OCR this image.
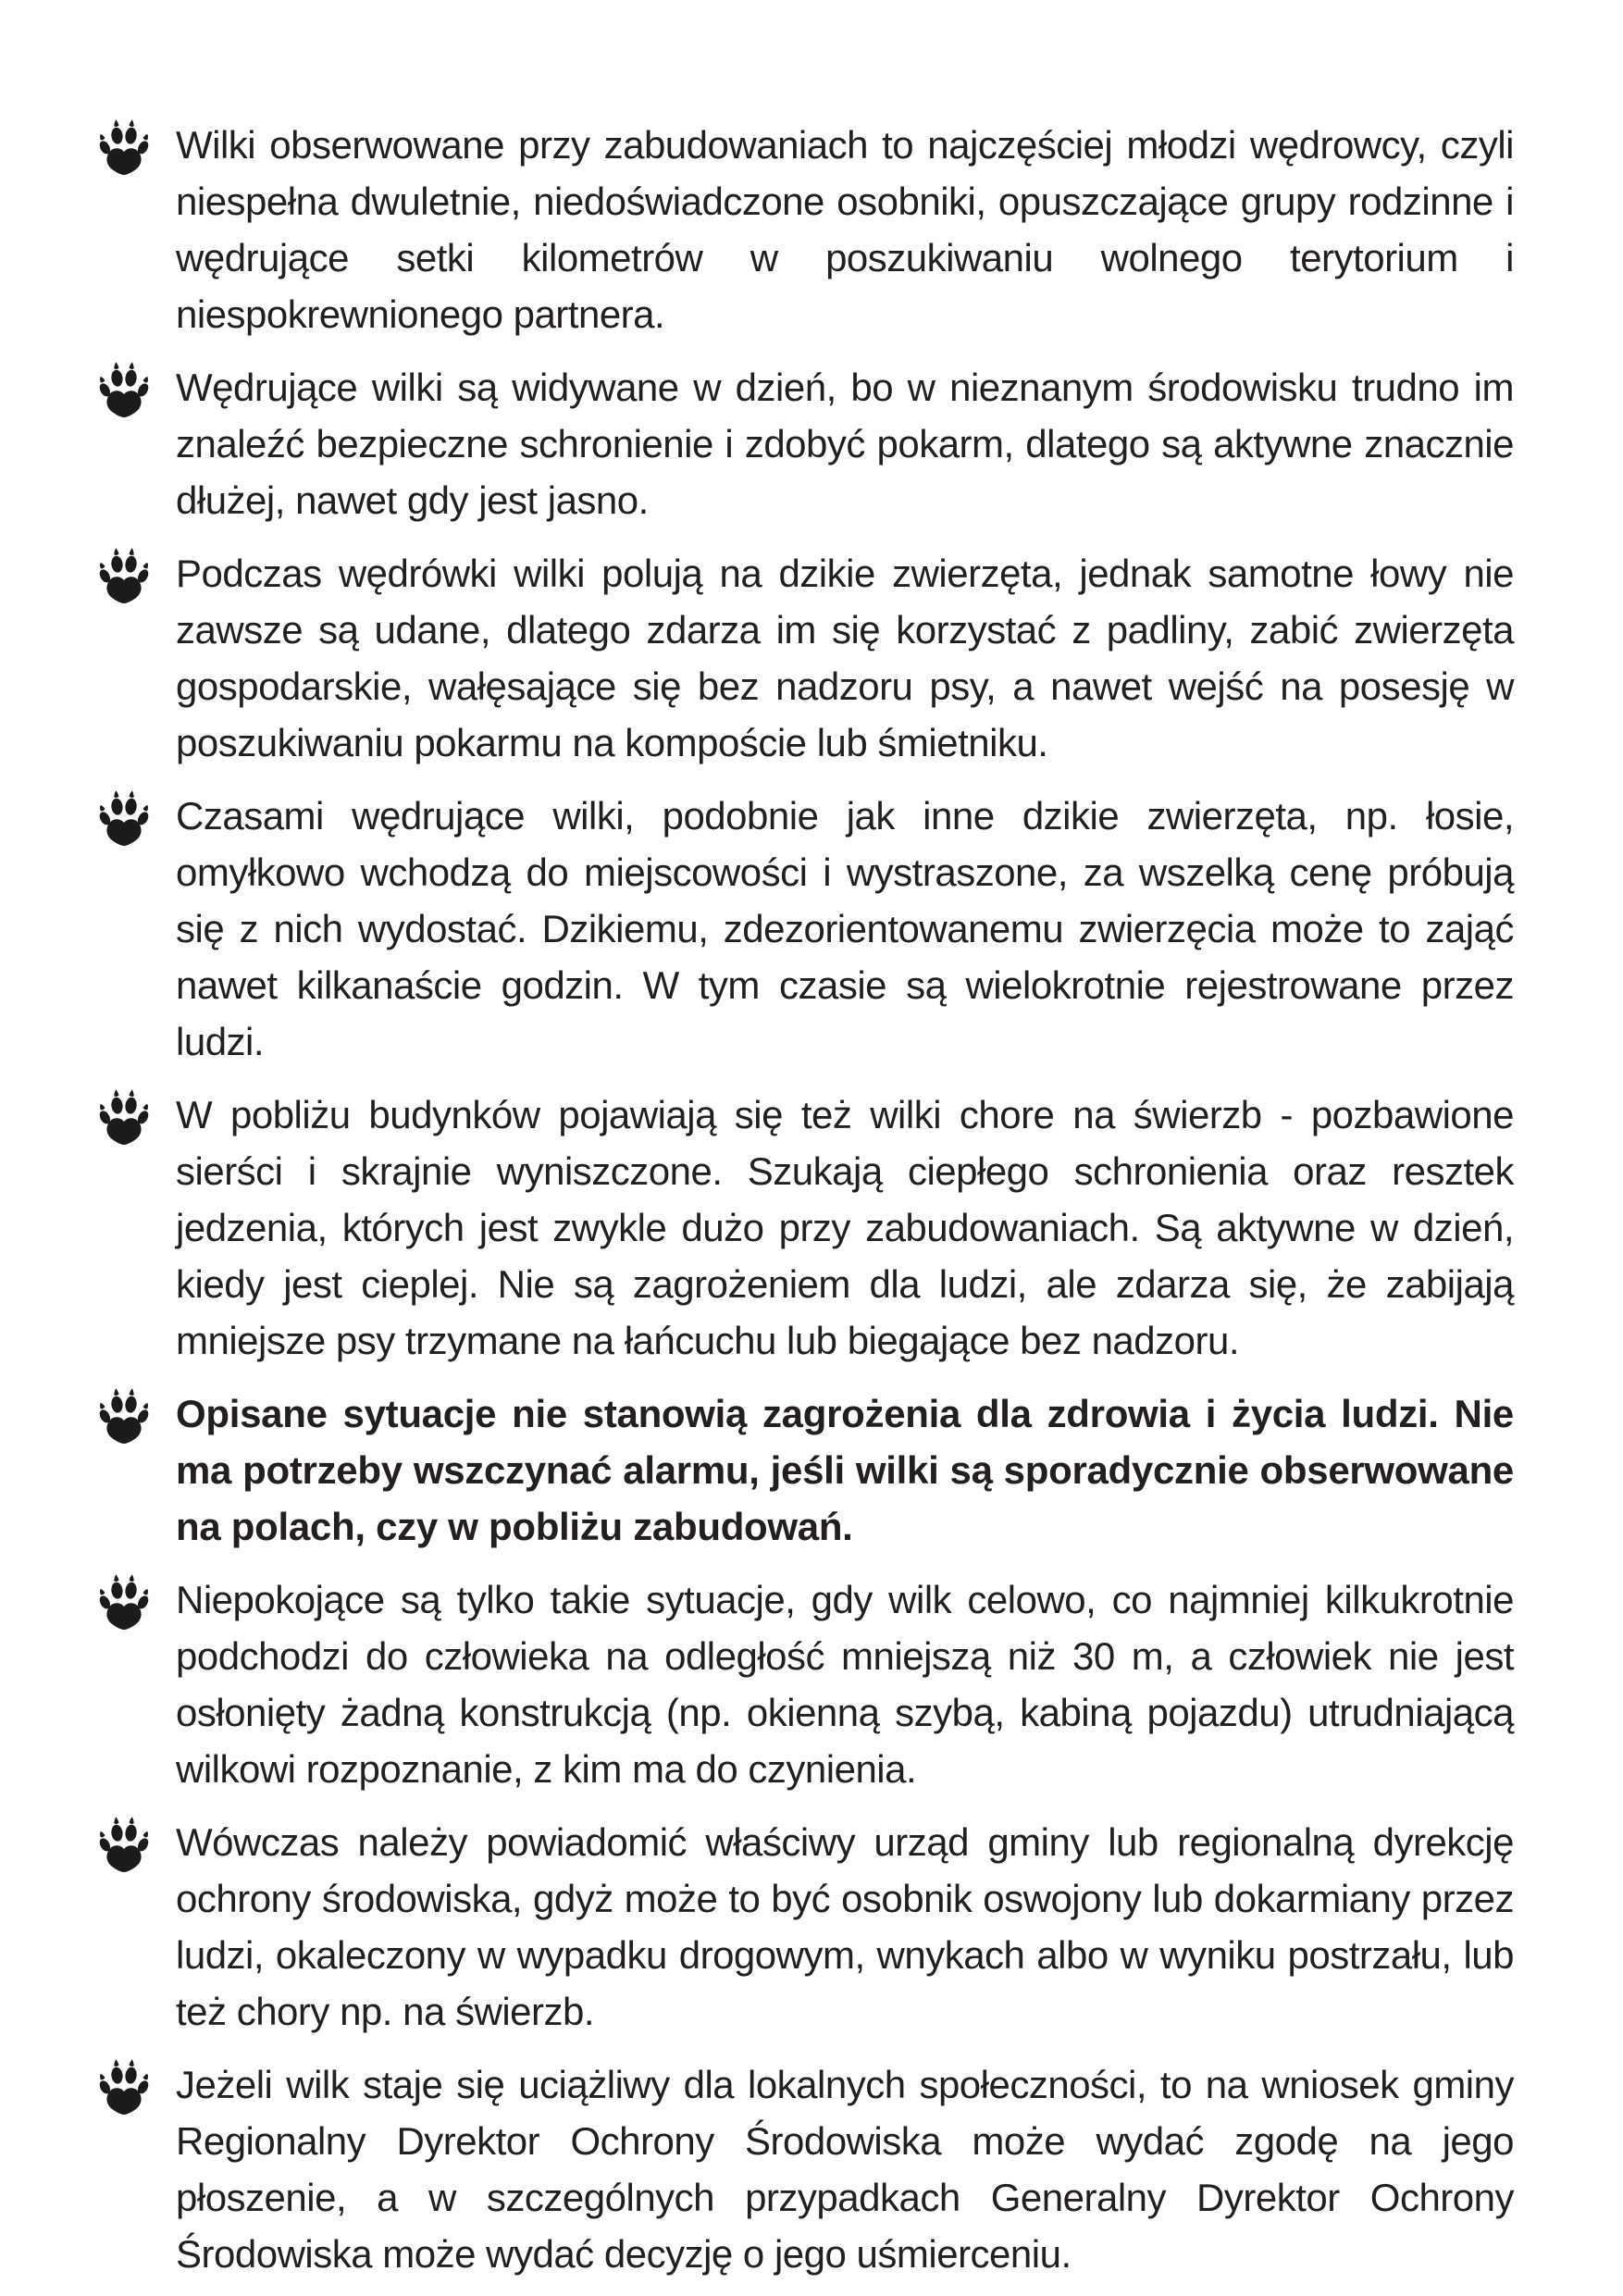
Wilki obserwowane przy zabudowaniach to najczęściej młodzi wędrowcy, czyli niespełna dwuletnie, niedoświadczone osobniki, opuszczające grupy rodzinne i wędrujące setki kilometrów w poszukiwaniu wolnego terytorium i niespokrewnionego partnera.

Wędrujące wilki są widywane w dzień, bo w nieznanym środowisku trudno im znaleźć bezpieczne schronienie i zdobyć pokarm, dlatego są aktywne znacznie dłużej, nawet gdy jest jasno.

Podczas wędrówki wilki polują na dzikie zwierzęta, jednak samotne łowy nie zawsze są udane, dlatego zdarza im się korzystać z padliny, zabić zwierzęta gospodarskie, wałęsające się bez nadzoru psy, a nawet wejść na posesję w poszukiwaniu pokarmu na kompoście lub śmietniku.

Czasami wędrujące wilki, podobnie jak inne dzikie zwierzęta, np. łosie, omyłkowo wchodzą do miejscowości i wystraszone, za wszelką cenę próbują się z nich wydostać. Dzikiemu, zdezorientowanemu zwierzęcia może to zająć nawet kilkanaście godzin. W tym czasie są wielokrotnie rejestrowane przez ludzi.

W pobliżu budynków pojawiają się też wilki chore na świerzb - pozbawione sierści i skrajnie wyniszczone. Szukają ciepłego schronienia oraz resztek jedzenia, których jest zwykle dużo przy zabudowaniach. Są aktywne w dzień, kiedy jest cieplej. Nie są zagrożeniem dla ludzi, ale zdarza się, że zabijają mniejsze psy trzymane na łańcuchu lub biegające bez nadzoru.

Opisane sytuacje nie stanowią zagrożenia dla zdrowia i życia ludzi. Nie ma potrzeby wszczynać alarmu, jeśli wilki są sporadycznie obserwowane na polach, czy w pobliżu zabudowań.

Niepokojące są tylko takie sytuacje, gdy wilk celowo, co najmniej kilkukrotnie podchodzi do człowieka na odległość mniejszą niż 30 m, a człowiek nie jest osłonięty żadną konstrukcją (np. okienną szybą, kabiną pojazdu) utrudniającą wilkowi rozpoznanie, z kim ma do czynienia.

Wówczas należy powiadomić właściwy urząd gminy lub regionalną dyrekcję ochrony środowiska, gdyż może to być osobnik oswojony lub dokarmiany przez ludzi, okaleczony w wypadku drogowym, wnykach albo w wyniku postrzału, lub też chory np. na świerzb.

Jeżeli wilk staje się uciążliwy dla lokalnych społeczności, to na wniosek gminy Regionalny Dyrektor Ochrony Środowiska może wydać zgodę na jego płoszenie, a w szczególnych przypadkach Generalny Dyrektor Ochrony Środowiska może wydać decyzję o jego uśmierceniu.
